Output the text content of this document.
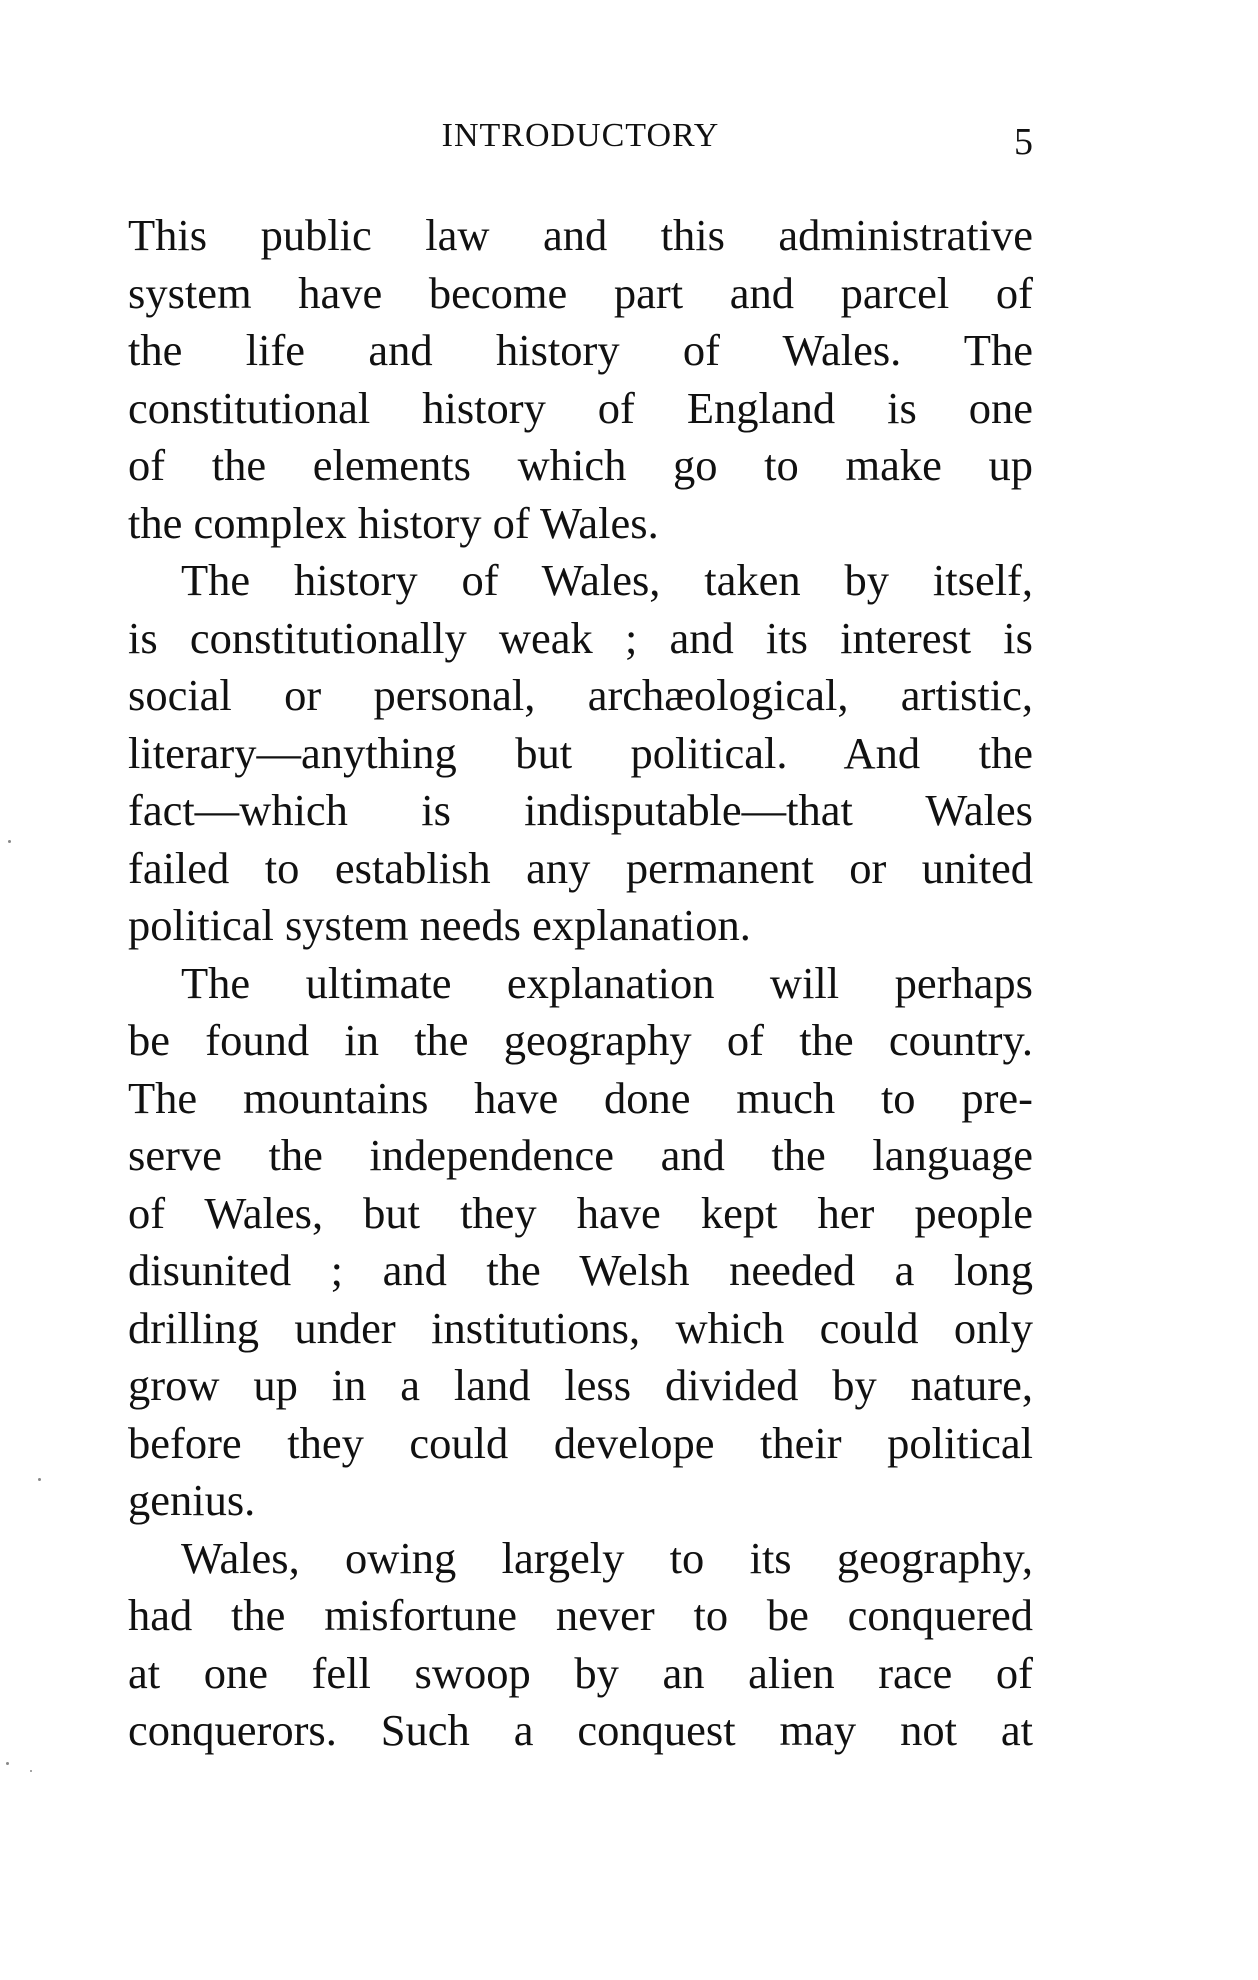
INTRODUCTORY	5
This public law and this administrative
system have become part and parcel of
the life and history of Wales. The
constitutional history of England is one
of the elements which go to make up
the complex history of Wales.
The history of Wales, taken by itself,
is constitutionally weak ; and its interest is
social or personal, archæological, artistic,
literary—anything but political. And the
fact—which is indisputable—that Wales
failed to establish any permanent or united
political system needs explanation.
The ultimate explanation will perhaps
be found in the geography of the country.
The mountains have done much to pre-
serve the independence and the language
of Wales, but they have kept her people
disunited ; and the Welsh needed a long
drilling under institutions, which could only
grow up in a land less divided by nature,
before they could develope their political
genius.
Wales, owing largely to its geography,
had the misfortune never to be conquered
at one fell swoop by an alien race of
conquerors. Such a conquest may not at
